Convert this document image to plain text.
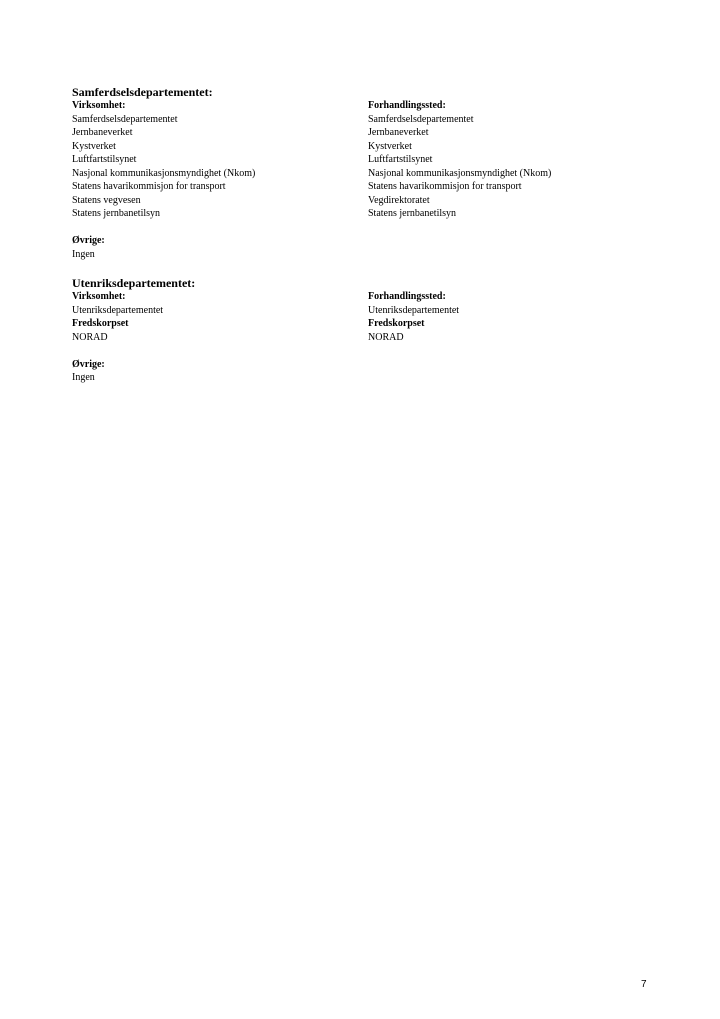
Samferdselsdepartementet:
Virksomhet:
Samferdselsdepartementet
Jernbaneverket
Kystverket
Luftfartstilsynet
Nasjonal kommunikasjonsmyndighet (Nkom)
Statens havarikommisjon for transport
Statens vegvesen
Statens jernbanetilsyn
Øvrige:
Ingen
Forhandlingssted:
Samferdselsdepartementet
Jernbaneverket
Kystverket
Luftfartstilsynet
Nasjonal kommunikasjonsmyndighet (Nkom)
Statens havarikommisjon for transport
Vegdirektoratet
Statens jernbanetilsyn
Utenriksdepartementet:
Virksomhet:
Utenriksdepartementet
Fredskorpset
NORAD
Øvrige:
Ingen
Forhandlingssted:
Utenriksdepartementet
Fredskorpset
NORAD
7
